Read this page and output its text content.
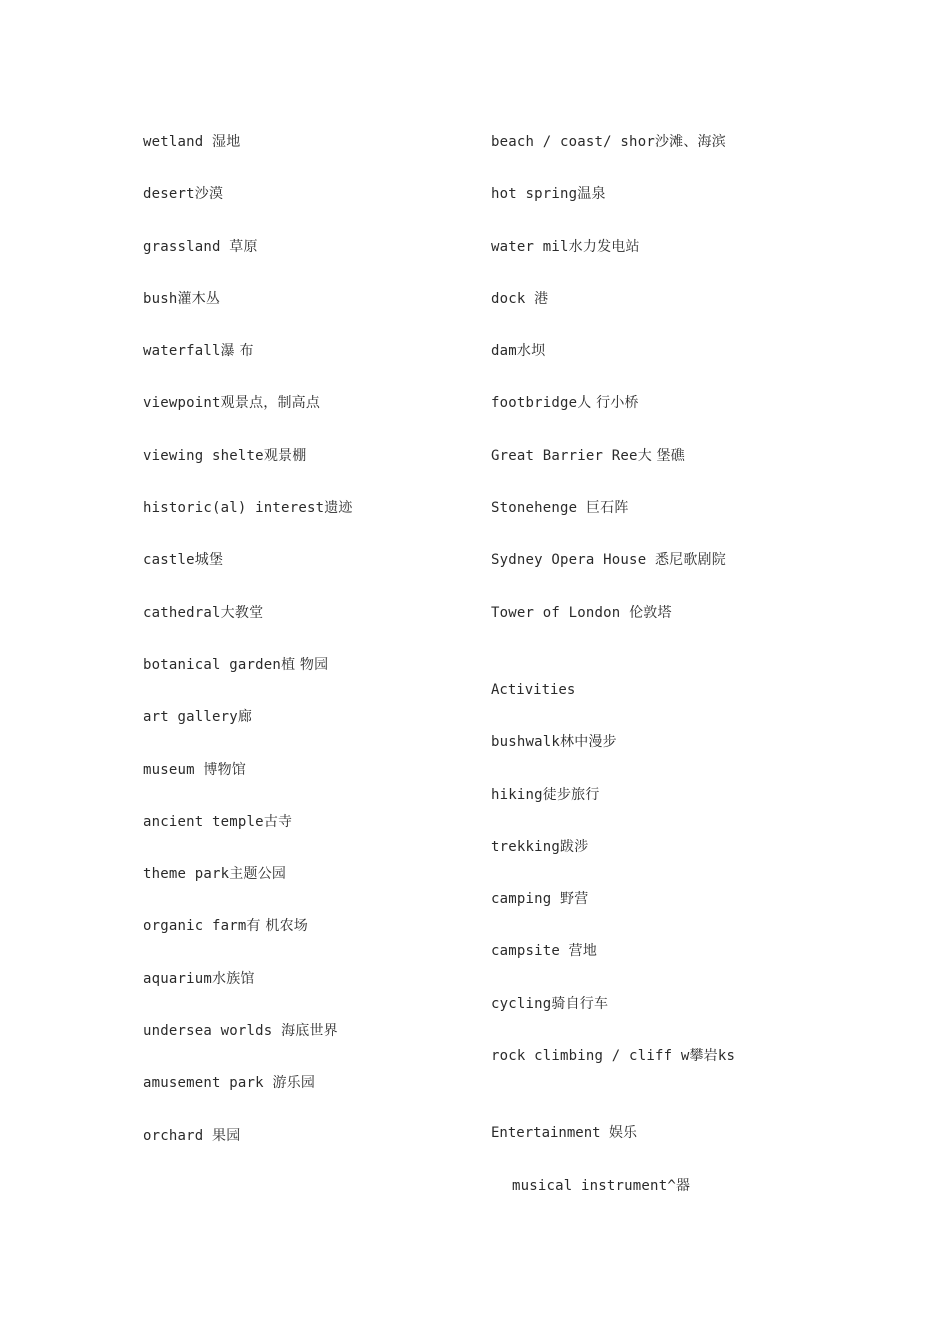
wetland 湿地
desert沙漠
grassland 草原
bush灌木丛
waterfall瀑 布
viewpoint观景点，制高点
viewing shelte观景棚
historic(al) interest遗迹
castle城堡
cathedral大教堂
botanical garden植 物园
art gallery廊
museum 博物馆
ancient temple古寺
theme park主题公园
organic farm有 机农场
aquarium水族馆
undersea worlds 海底世界
amusement park 游乐园
orchard 果园
beach / coast/ shor沙滩、海滨
hot spring温泉
water mil水力发电站
dock 港
dam水坝
footbridge人 行小桥
Great Barrier Ree大 堡礁
Stonehenge 巨石阵
Sydney Opera House 悉尼歌剧院
Tower of London 伦敦塔
Activities
bushwalk林中漫步
hiking徒步旅行
trekking跋涉
camping 野营
campsite 营地
cycling骑自行车
rock climbing / cliff w攀岩ks
Entertainment 娱乐
musical instrument^器
